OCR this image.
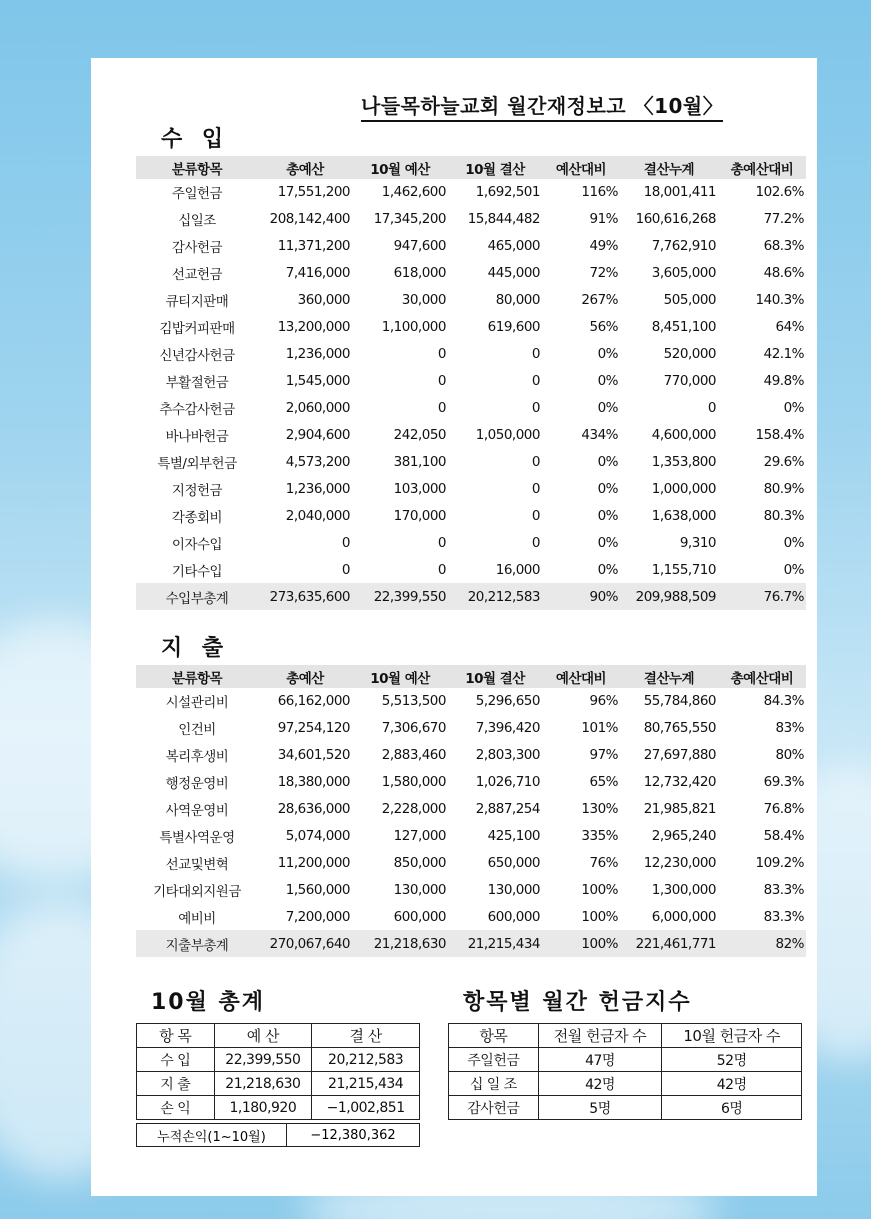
나들목하늘교회 월간재정보고 〈10월〉
수 입
분류항목	총예산	10월 예산	10월 결산	예산대비	결산누계	총예산대비
주일헌금	17,551,200	1,462,600	1,692,501	116%	18,001,411	102.6%
십일조	208,142,400	17,345,200	15,844,482	91%	160,616,268	77.2%
감사헌금	11,371,200	947,600	465,000	49%	7,762,910	68.3%
선교헌금	7,416,000	618,000	445,000	72%	3,605,000	48.6%
큐티지판매	360,000	30,000	80,000	267%	505,000	140.3%
김밥커피판매	13,200,000	1,100,000	619,600	56%	8,451,100	64%
신년감사헌금	1,236,000	0	0	0%	520,000	42.1%
부활절헌금	1,545,000	0	0	0%	770,000	49.8%
추수감사헌금	2,060,000	0	0	0%	0	0%
바나바헌금	2,904,600	242,050	1,050,000	434%	4,600,000	158.4%
특별/외부헌금	4,573,200	381,100	0	0%	1,353,800	29.6%
지정헌금	1,236,000	103,000	0	0%	1,000,000	80.9%
각종회비	2,040,000	170,000	0	0%	1,638,000	80.3%
이자수입	0	0	0	0%	9,310	0%
기타수입	0	0	16,000	0%	1,155,710	0%
수입부총계	273,635,600	22,399,550	20,212,583	90%	209,988,509	76.7%
지 출
분류항목	총예산	10월 예산	10월 결산	예산대비	결산누계	총예산대비
시설관리비	66,162,000	5,513,500	5,296,650	96%	55,784,860	84.3%
인건비	97,254,120	7,306,670	7,396,420	101%	80,765,550	83%
복리후생비	34,601,520	2,883,460	2,803,300	97%	27,697,880	80%
행정운영비	18,380,000	1,580,000	1,026,710	65%	12,732,420	69.3%
사역운영비	28,636,000	2,228,000	2,887,254	130%	21,985,821	76.8%
특별사역운영	5,074,000	127,000	425,100	335%	2,965,240	58.4%
선교및변혁	11,200,000	850,000	650,000	76%	12,230,000	109.2%
기타대외지원금	1,560,000	130,000	130,000	100%	1,300,000	83.3%
예비비	7,200,000	600,000	600,000	100%	6,000,000	83.3%
지출부총계	270,067,640	21,218,630	21,215,434	100%	221,461,771	82%
10월 총계
항 목	예 산	결 산
수 입	22,399,550	20,212,583
지 출	21,218,630	21,215,434
손 익	1,180,920	−1,002,851
누적손익(1~10월)	−12,380,362
항목별 월간 헌금지수
항목	전월 헌금자 수	10월 헌금자 수
주일헌금	47명	52명
십 일 조	42명	42명
감사헌금	5명	6명
